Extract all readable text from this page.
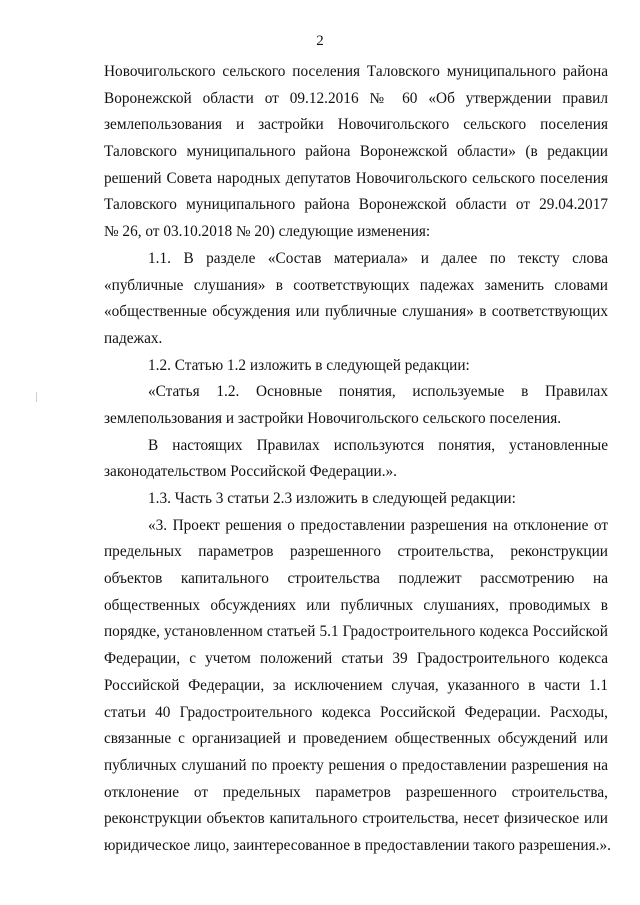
2
Новочигольского сельского поселения Таловского муниципального района
Воронежской области от 09.12.2016 № 60 «Об утверждении правил
землепользования и застройки Новочигольского сельского поселения
Таловского муниципального района Воронежской области» (в редакции
решений Совета народных депутатов Новочигольского сельского поселения
Таловского муниципального района Воронежской области от 29.04.2017
№ 26, от 03.10.2018 № 20) следующие изменения:
1.1. В разделе «Состав материала» и далее по тексту слова
«публичные слушания» в соответствующих падежах заменить словами
«общественные обсуждения или публичные слушания» в соответствующих
падежах.
1.2. Статью 1.2 изложить в следующей редакции:
«Статья 1.2. Основные понятия, используемые в Правилах
землепользования и застройки Новочигольского сельского поселения.
В настоящих Правилах используются понятия, установленные
законодательством Российской Федерации.».
1.3. Часть 3 статьи 2.3 изложить в следующей редакции:
«3. Проект решения о предоставлении разрешения на отклонение от
предельных параметров разрешенного строительства, реконструкции
объектов капитального строительства подлежит рассмотрению на
общественных обсуждениях или публичных слушаниях, проводимых в
порядке, установленном статьей 5.1 Градостроительного кодекса Российской
Федерации, с учетом положений статьи 39 Градостроительного кодекса
Российской Федерации, за исключением случая, указанного в части 1.1
статьи 40 Градостроительного кодекса Российской Федерации. Расходы,
связанные с организацией и проведением общественных обсуждений или
публичных слушаний по проекту решения о предоставлении разрешения на
отклонение от предельных параметров разрешенного строительства,
реконструкции объектов капитального строительства, несет физическое или
юридическое лицо, заинтересованное в предоставлении такого разрешения.».
